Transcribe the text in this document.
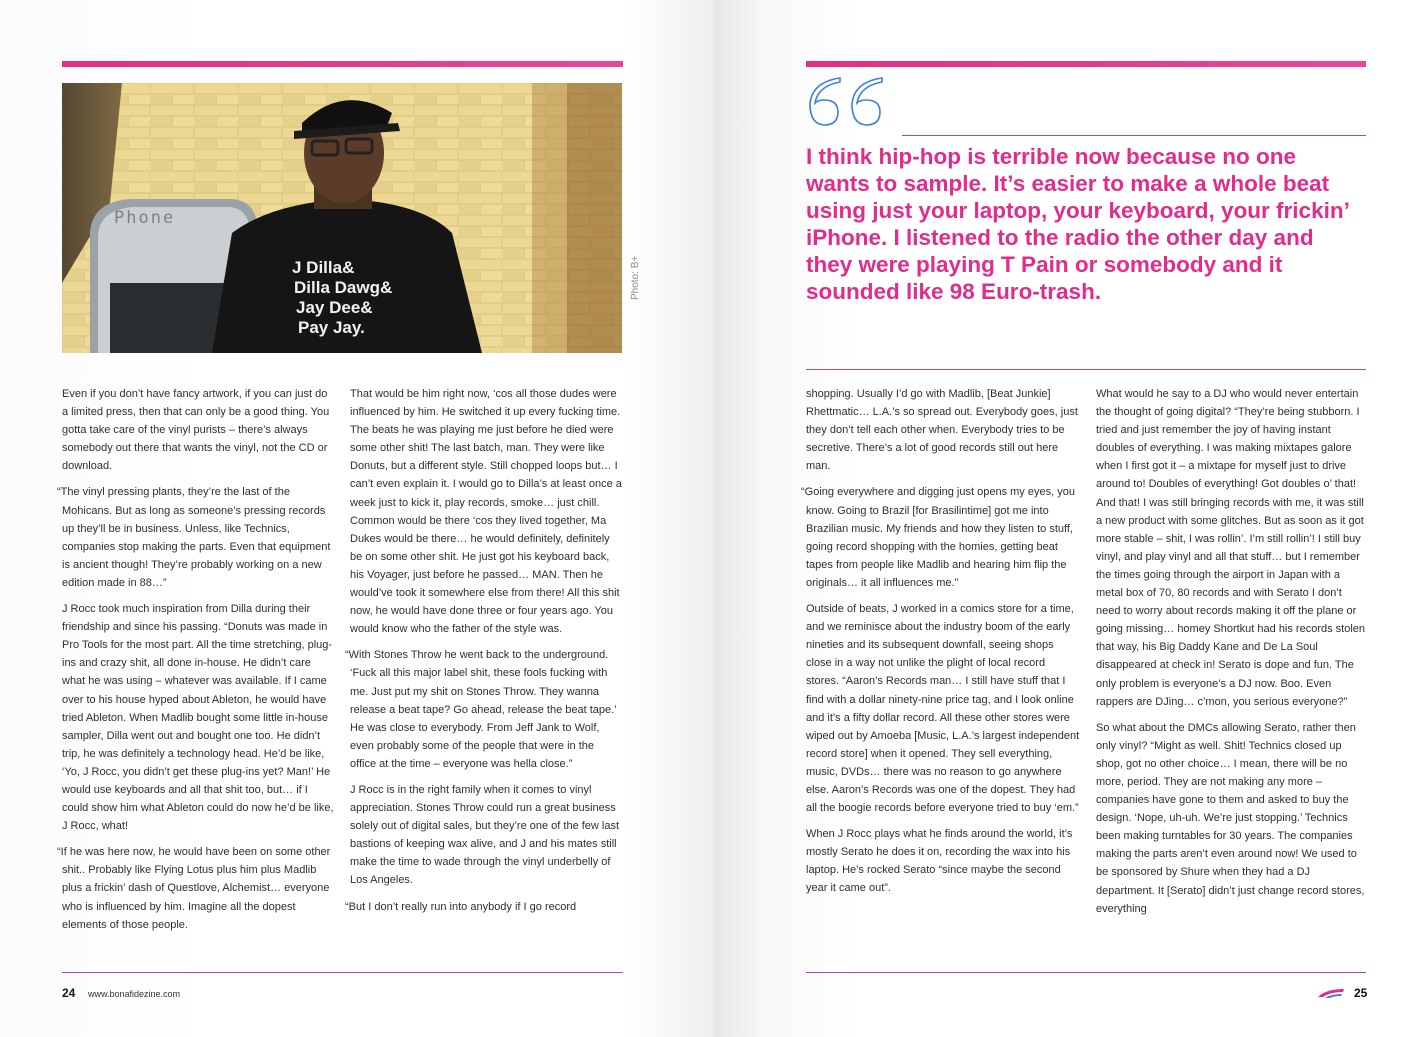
Phone
J Dilla&
Dilla Dawg&
Jay Dee&
Pay Jay.
Photo: B+

Even if you don’t have fancy artwork, if you can just do a limited press, then that can only be a good thing. You gotta take care of the vinyl purists – there’s always somebody out there that wants the vinyl, not the CD or download.

“The vinyl pressing plants, they’re the last of the Mohicans. But as long as someone’s pressing records up they’ll be in business. Unless, like Technics, companies stop making the parts. Even that equipment is ancient though! They’re probably working on a new edition made in 88…”

J Rocc took much inspiration from Dilla during their friendship and since his passing. “Donuts was made in Pro Tools for the most part. All the time stretching, plug-ins and crazy shit, all done in-house. He didn’t care what he was using – whatever was available. If I came over to his house hyped about Ableton, he would have tried Ableton. When Madlib bought some little in-house sampler, Dilla went out and bought one too. He didn’t trip, he was definitely a technology head. He’d be like, ‘Yo, J Rocc, you didn’t get these plug-ins yet? Man!’ He would use keyboards and all that shit too, but… if I could show him what Ableton could do now he’d be like, J Rocc, what!

“If he was here now, he would have been on some other shit.. Probably like Flying Lotus plus him plus Madlib plus a frickin’ dash of Questlove, Alchemist… everyone who is influenced by him. Imagine all the dopest elements of those people.

That would be him right now, ‘cos all those dudes were influenced by him. He switched it up every fucking time. The beats he was playing me just before he died were some other shit! The last batch, man. They were like Donuts, but a different style. Still chopped loops but… I can’t even explain it. I would go to Dilla’s at least once a week just to kick it, play records, smoke… just chill. Common would be there ‘cos they lived together, Ma Dukes would be there… he would definitely, definitely be on some other shit. He just got his keyboard back, his Voyager, just before he passed… MAN. Then he would’ve took it somewhere else from there! All this shit now, he would have done three or four years ago. You would know who the father of the style was.

“With Stones Throw he went back to the underground. ‘Fuck all this major label shit, these fools fucking with me. Just put my shit on Stones Throw. They wanna release a beat tape? Go ahead, release the beat tape.’ He was close to everybody. From Jeff Jank to Wolf, even probably some of the people that were in the office at the time – everyone was hella close.”

J Rocc is in the right family when it comes to vinyl appreciation. Stones Throw could run a great business solely out of digital sales, but they’re one of the few last bastions of keeping wax alive, and J and his mates still make the time to wade through the vinyl underbelly of Los Angeles.

“But I don’t really run into anybody if I go record

24 www.bonafidezine.com
I think hip-hop is terrible now because no one wants to sample. It’s easier to make a whole beat using just your laptop, your keyboard, your frickin’ iPhone. I listened to the radio the other day and they were playing T Pain or somebody and it sounded like 98 Euro-trash.

shopping. Usually I’d go with Madlib, [Beat Junkie] Rhettmatic… L.A.’s so spread out. Everybody goes, just they don’t tell each other when. Everybody tries to be secretive. There’s a lot of good records still out here man.

“Going everywhere and digging just opens my eyes, you know. Going to Brazil [for Brasilintime] got me into Brazilian music. My friends and how they listen to stuff, going record shopping with the homies, getting beat tapes from people like Madlib and hearing him flip the originals… it all influences me.”

Outside of beats, J worked in a comics store for a time, and we reminisce about the industry boom of the early nineties and its subsequent downfall, seeing shops close in a way not unlike the plight of local record stores. “Aaron’s Records man… I still have stuff that I find with a dollar ninety-nine price tag, and I look online and it’s a fifty dollar record. All these other stores were wiped out by Amoeba [Music, L.A.’s largest independent record store] when it opened. They sell everything, music, DVDs… there was no reason to go anywhere else. Aaron’s Records was one of the dopest. They had all the boogie records before everyone tried to buy ‘em.”

When J Rocc plays what he finds around the world, it’s mostly Serato he does it on, recording the wax into his laptop. He’s rocked Serato “since maybe the second year it came out”.

What would he say to a DJ who would never entertain the thought of going digital? “They’re being stubborn. I tried and just remember the joy of having instant doubles of everything. I was making mixtapes galore when I first got it – a mixtape for myself just to drive around to! Doubles of everything! Got doubles o’ that! And that! I was still bringing records with me, it was still a new product with some glitches. But as soon as it got more stable – shit, I was rollin’. I’m still rollin’! I still buy vinyl, and play vinyl and all that stuff… but I remember the times going through the airport in Japan with a metal box of 70, 80 records and with Serato I don’t need to worry about records making it off the plane or going missing… homey Shortkut had his records stolen that way, his Big Daddy Kane and De La Soul disappeared at check in! Serato is dope and fun. The only problem is everyone’s a DJ now. Boo. Even rappers are DJing… c’mon, you serious everyone?”

So what about the DMCs allowing Serato, rather then only vinyl? “Might as well. Shit! Technics closed up shop, got no other choice… I mean, there will be no more, period. They are not making any more – companies have gone to them and asked to buy the design. ‘Nope, uh-uh. We’re just stopping.’ Technics been making turntables for 30 years. The companies making the parts aren’t even around now! We used to be sponsored by Shure when they had a DJ department. It [Serato] didn’t just change record stores, everything

25
